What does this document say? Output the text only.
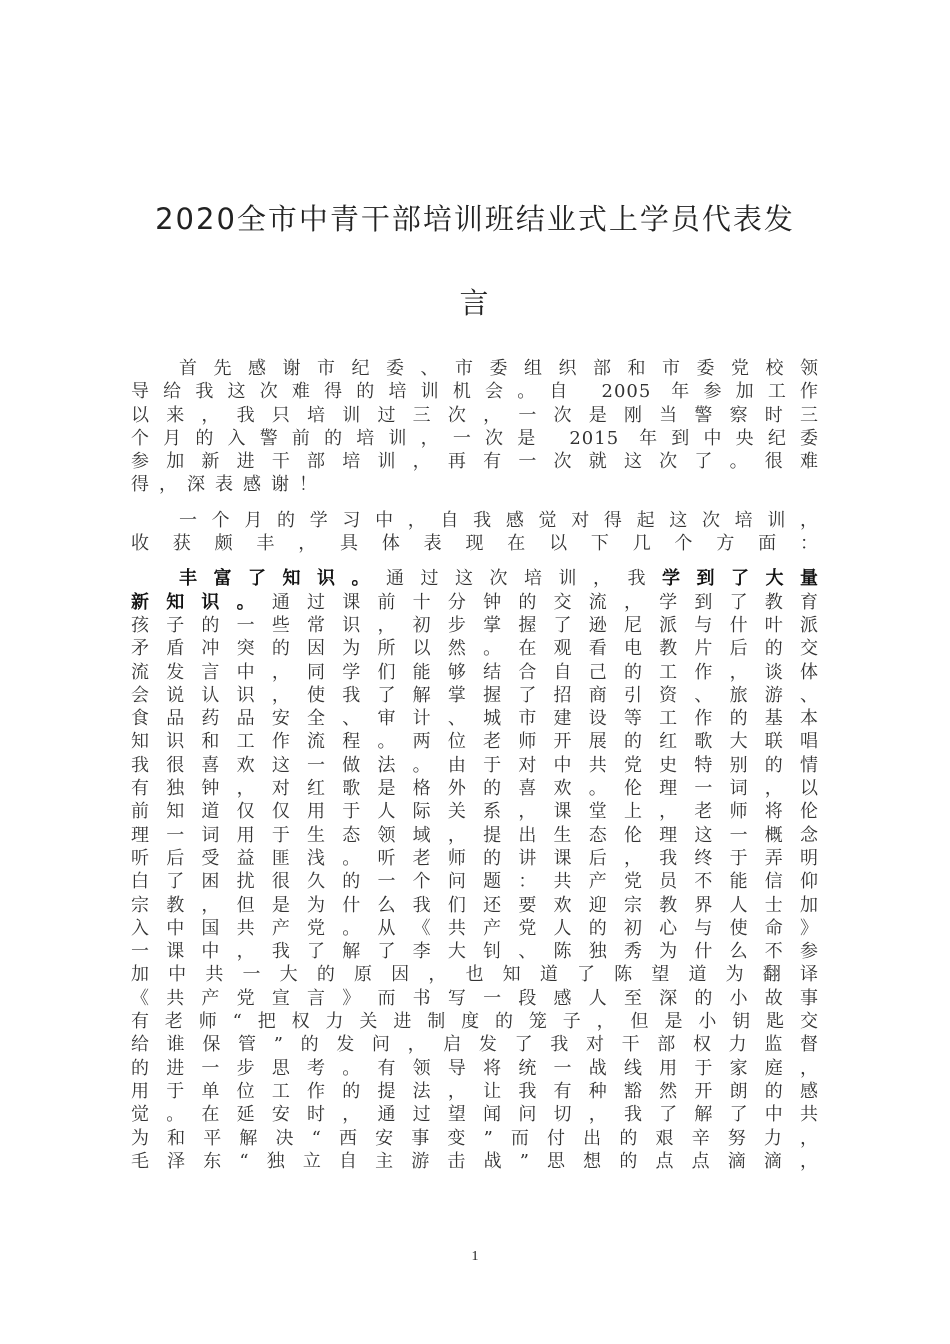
2020全市中青干部培训班结业式上学员代表发
言
首先感谢市纪委、市委组织部和市委党校领
导给我这次难得的培训机会。自 2005 年参加工作
以来，我只培训过三次，一次是刚当警察时三
个月的入警前的培训，一次是 2015 年到中央纪委
参加新进干部培训，再有一次就这次了。很难
得，深表感谢！
一个月的学习中，自我感觉对得起这次培训，
收获颇丰，具体表现在以下几个方面：
丰富了知识。通过这次培训，我学到了大量
新知识。通过课前十分钟的交流，学到了教育
孩子的一些常识，初步掌握了逊尼派与什叶派
矛盾冲突的因为所以然。在观看电教片后的交
流发言中，同学们能够结合自己的工作，谈体
会说认识，使我了解掌握了招商引资、旅游、
食品药品安全、审计、城市建设等工作的基本
知识和工作流程。两位老师开展的红歌大联唱
我很喜欢这一做法。由于对中共党史特别的情
有独钟，对红歌是格外的喜欢。伦理一词，以
前知道仅仅用于人际关系，课堂上，老师将伦
理一词用于生态领域，提出生态伦理这一概念
听后受益匪浅。听老师的讲课后，我终于弄明
白了困扰很久的一个问题：共产党员不能信仰
宗教，但是为什么我们还要欢迎宗教界人士加
入中国共产党。从《共产党人的初心与使命》
一课中，我了解了李大钊、陈独秀为什么不参
加中共一大的原因，也知道了陈望道为翻译
《共产党宣言》而书写一段感人至深的小故事
有老师“把权力关进制度的笼子，但是小钥匙交
给谁保管”的发问，启发了我对干部权力监督
的进一步思考。有领导将统一战线用于家庭，
用于单位工作的提法，让我有种豁然开朗的感
觉。在延安时，通过望闻问切，我了解了中共
为和平解决“西安事变”而付出的艰辛努力，
毛泽东“独立自主游击战”思想的点点滴滴，
1
